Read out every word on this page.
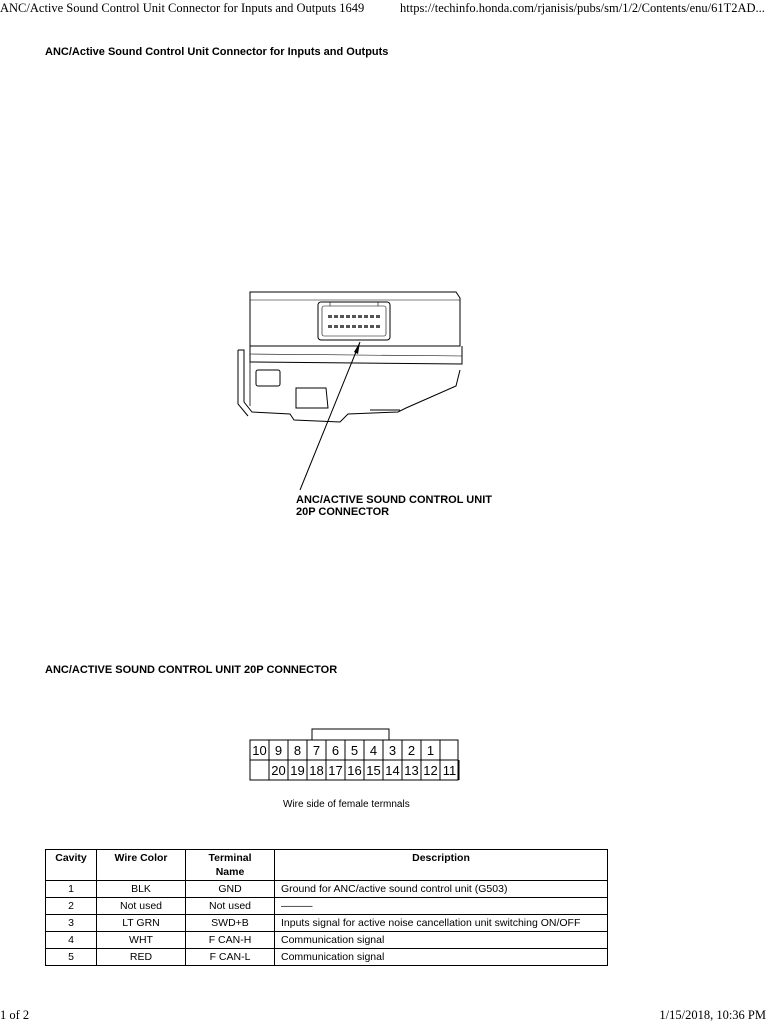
ANC/Active Sound Control Unit Connector for Inputs and Outputs 1649	https://techinfo.honda.com/rjanisis/pubs/sm/1/2/Contents/enu/61T2AD...
ANC/Active Sound Control Unit Connector for Inputs and Outputs
ANC/ACTIVE SOUND CONTROL UNIT
20P CONNECTOR
ANC/ACTIVE SOUND CONTROL UNIT 20P CONNECTOR
10 9 8 7 6 5 4 3 2 1
20 19 18 17 16 15 14 13 12 11
Wire side of female termnals
Cavity	Wire Color	Terminal Name	Description
1	BLK	GND	Ground for ANC/active sound control unit (G503)
2	Not used	Not used	———
3	LT GRN	SWD+B	Inputs signal for active noise cancellation unit switching ON/OFF
4	WHT	F CAN-H	Communication signal
5	RED	F CAN-L	Communication signal
1 of 2	1/15/2018, 10:36 PM
